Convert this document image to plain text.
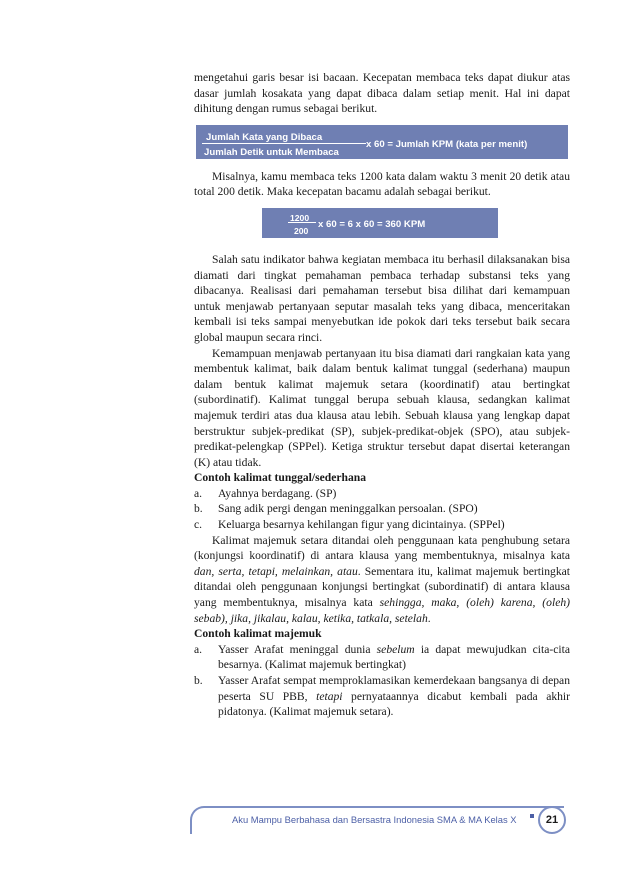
mengetahui garis besar isi bacaan. Kecepatan membaca teks dapat diukur atas dasar jumlah kosakata yang dapat dibaca dalam setiap menit. Hal ini dapat dihitung dengan rumus sebagai berikut.

Jumlah Kata yang Dibaca
Jumlah Detik untuk Membaca
x 60 = Jumlah KPM (kata per menit)

Misalnya, kamu membaca teks 1200 kata dalam waktu 3 menit 20 detik atau total 200 detik. Maka kecepatan bacamu adalah sebagai berikut.

1200
200
x 60 = 6 x 60 = 360 KPM

Salah satu indikator bahwa kegiatan membaca itu berhasil dilaksanakan bisa diamati dari tingkat pemahaman pembaca terhadap substansi teks yang dibacanya. Realisasi dari pemahaman tersebut bisa dilihat dari kemampuan untuk menjawab pertanyaan seputar masalah teks yang dibaca, menceritakan kembali isi teks sampai menyebutkan ide pokok dari teks tersebut baik secara global maupun secara rinci.

Kemampuan menjawab pertanyaan itu bisa diamati dari rangkaian kata yang membentuk kalimat, baik dalam bentuk kalimat tunggal (sederhana) maupun dalam bentuk kalimat majemuk setara (koordinatif) atau bertingkat (subordinatif). Kalimat tunggal berupa sebuah klausa, sedangkan kalimat majemuk terdiri atas dua klausa atau lebih. Sebuah klausa yang lengkap dapat berstruktur subjek-predikat (SP), subjek-predikat-objek (SPO), atau subjek-predikat-pelengkap (SPPel). Ketiga struktur tersebut dapat disertai keterangan (K) atau tidak.

Contoh kalimat tunggal/sederhana

a.	Ayahnya berdagang. (SP)
b.	Sang adik pergi dengan meninggalkan persoalan. (SPO)
c.	Keluarga besarnya kehilangan figur yang dicintainya. (SPPel)

Kalimat majemuk setara ditandai oleh penggunaan kata penghubung setara (konjungsi koordinatif) di antara klausa yang membentuknya, misalnya kata dan, serta, tetapi, melainkan, atau. Sementara itu, kalimat majemuk bertingkat ditandai oleh penggunaan konjungsi bertingkat (subordinatif) di antara klausa yang membentuknya, misalnya kata sehingga, maka, (oleh) karena, (oleh) sebab), jika, jikalau, kalau, ketika, tatkala, setelah.

Contoh kalimat majemuk

a.	Yasser Arafat meninggal dunia sebelum ia dapat mewujudkan cita-cita besarnya. (Kalimat majemuk bertingkat)
b.	Yasser Arafat sempat memproklamasikan kemerdekaan bangsanya di depan peserta SU PBB, tetapi pernyataannya dicabut kembali pada akhir pidatonya. (Kalimat majemuk setara).
Aku Mampu Berbahasa dan Bersastra Indonesia SMA & MA Kelas X	21
